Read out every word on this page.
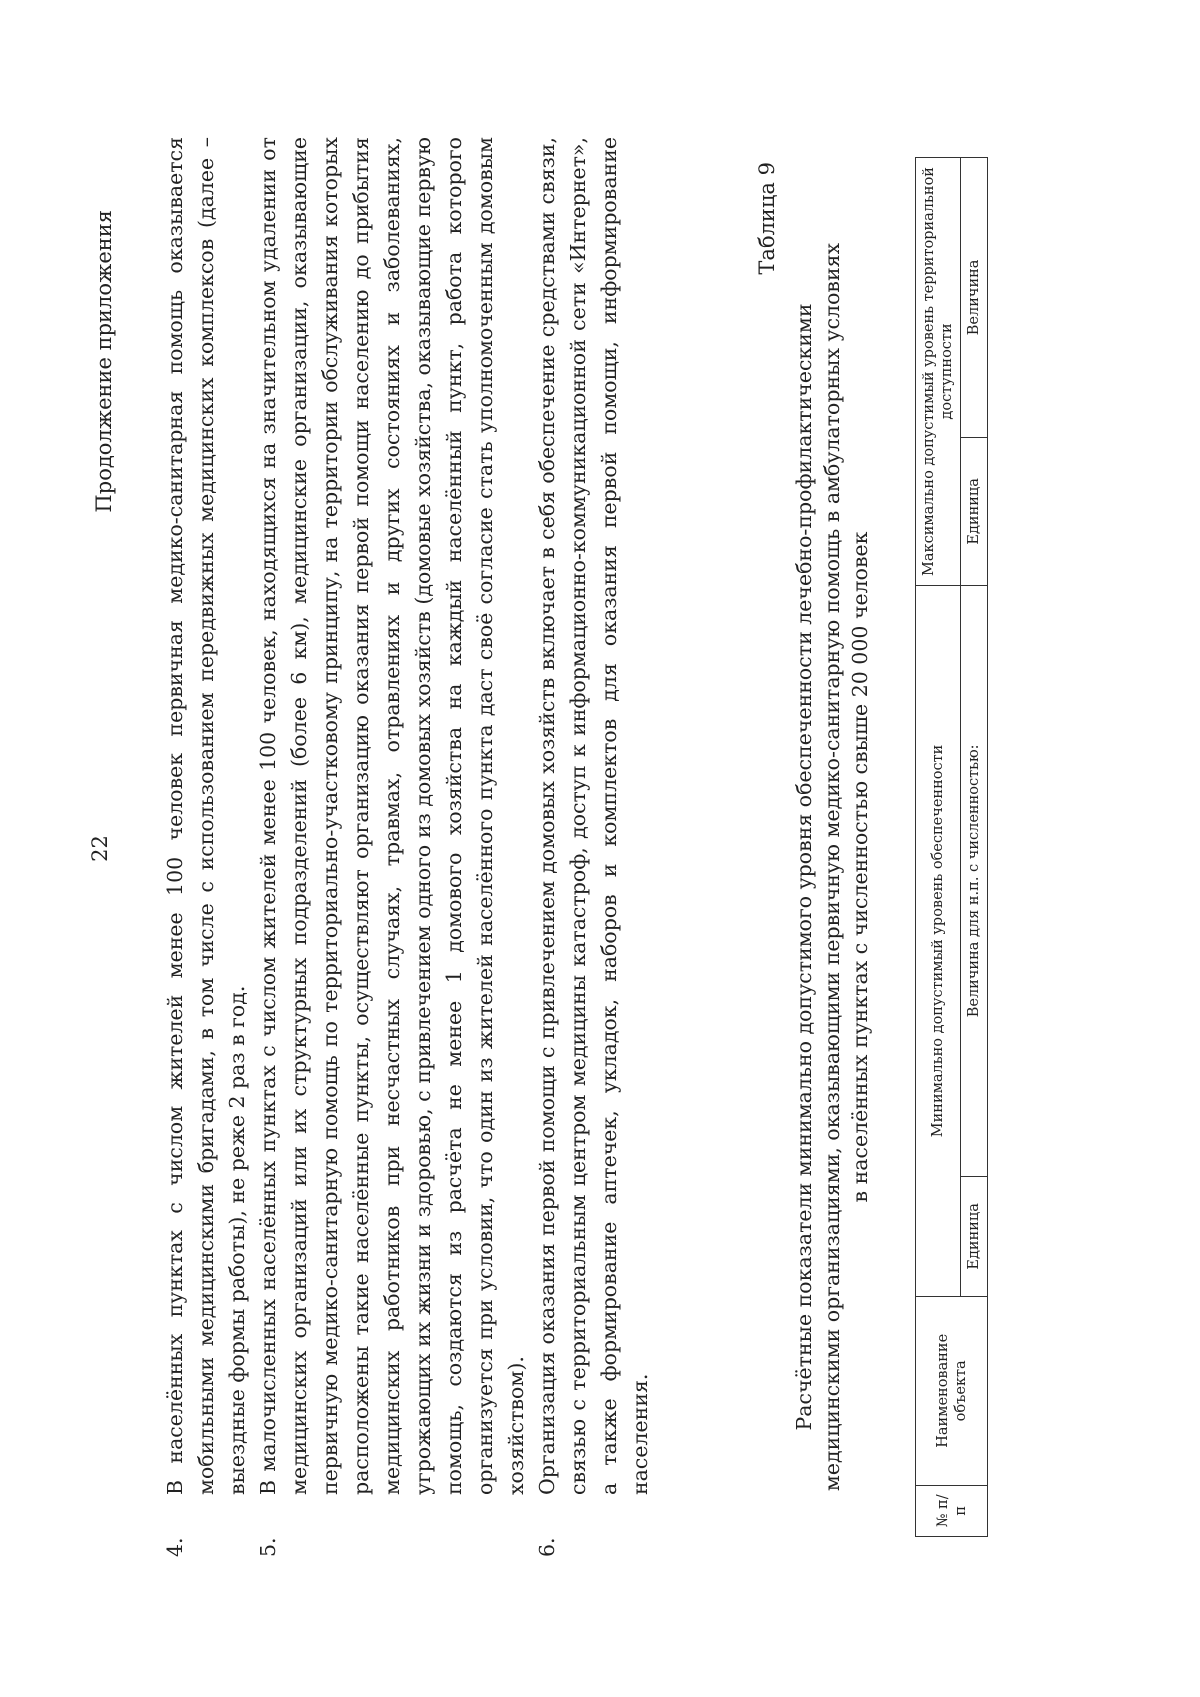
22
Продолжение приложения
4.
В населённых пунктах с числом жителей менее 100 человек первичная медико-санитарная помощь оказывается мобильными медицинскими бригадами, в том числе с использованием передвижных медицинских комплексов (далее – выездные формы работы), не реже 2 раз в год.
5.
В малочисленных населённых пунктах с числом жителей менее 100 человек, находящихся на значительном удалении от медицинских организаций или их структурных подразделений (более 6 км), медицинские организации, оказывающие первичную медико-санитарную помощь по территориально-участковому принципу, на территории обслуживания которых расположены такие населённые пункты, осуществляют организацию оказания первой помощи населению до прибытия медицинских работников при несчастных случаях, травмах, отравлениях и других состояниях и заболеваниях, угрожающих их жизни и здоровью, с привлечением одного из домовых хозяйств (домовые хозяйства, оказывающие первую помощь, создаются из расчёта не менее 1 домового хозяйства на каждый населённый пункт, работа которого организуется при условии, что один из жителей населённого пункта даст своё согласие стать уполномоченным домовым хозяйством).
6.
Организация оказания первой помощи с привлечением домовых хозяйств включает в себя обеспечение средствами связи, связью с территориальным центром медицины катастроф, доступ к информационно-коммуникационной сети «Интернет», а также формирование аптечек, укладок, наборов и комплектов для оказания первой помощи, информирование населения.
Таблица 9
Расчётные показатели минимально допустимого уровня обеспеченности лечебно-профилактическими медицинскими организациями, оказывающими первичную медико-санитарную помощь в амбулаторных условиях в населённых пунктах с численностью свыше 20 000 человек
№ п/п	Наименование объекта	Минимально допустимый уровень обеспеченности		Максимально допустимый уровень территориальной доступности	
		Единица	Величина для н.п. с численностью:	Единица	Величина
